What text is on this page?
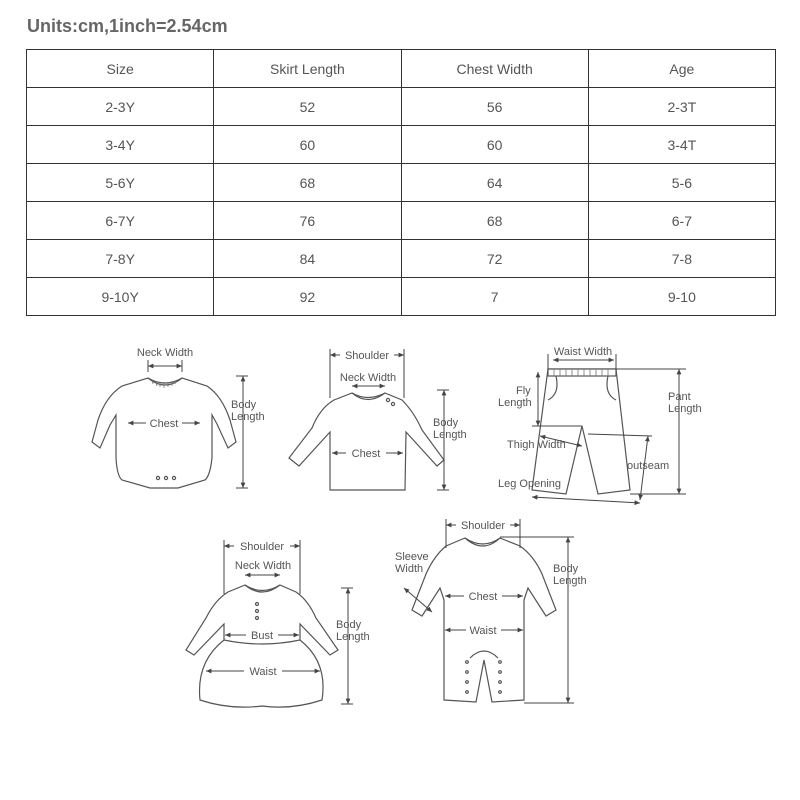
Units:cm,1inch=2.54cm
Size	Skirt Length	Chest Width	Age
2-3Y	52	56	2-3T
3-4Y	60	60	3-4T
5-6Y	68	64	5-6
6-7Y	76	68	6-7
7-8Y	84	72	7-8
9-10Y	92	7	9-10
Neck Width
Chest
Body
Length
Shoulder
Neck Width
Chest
Body
Length
Waist Width
Fly
Length	Pant
Length
Thigh Width
outseam
Leg Opening
Shoulder
Neck Width
Bust
Waist
Body
Length
Shoulder
Sleeve
Width
Chest
Waist
Body
Length
